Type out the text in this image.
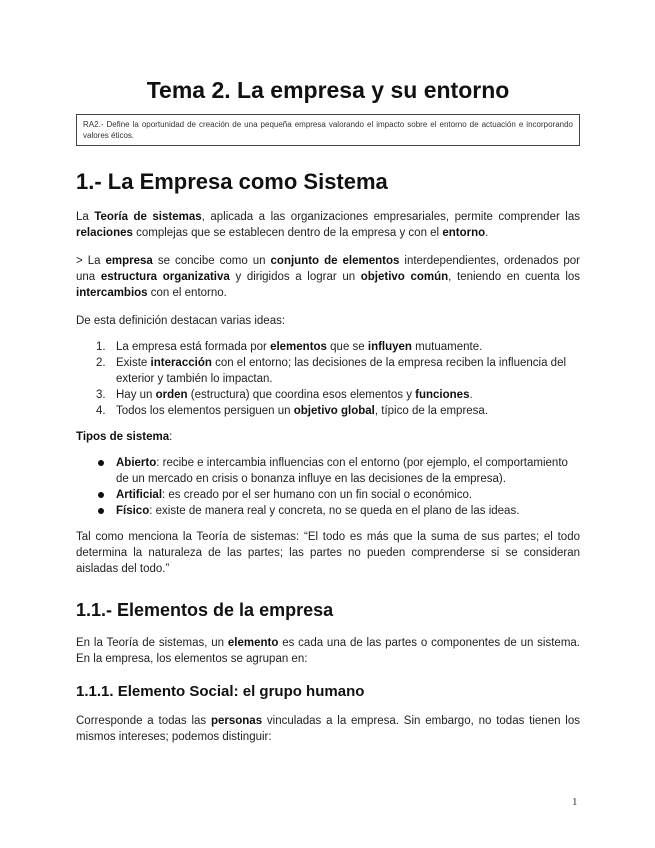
Tema 2. La empresa y su entorno
RA2.- Define la oportunidad de creación de una pequeña empresa valorando el impacto sobre el entorno de actuación e incorporando valores éticos.
1.- La Empresa como Sistema

La Teoría de sistemas, aplicada a las organizaciones empresariales, permite comprender las relaciones complejas que se establecen dentro de la empresa y con el entorno.

> La empresa se concibe como un conjunto de elementos interdependientes, ordenados por una estructura organizativa y dirigidos a lograr un objetivo común, teniendo en cuenta los intercambios con el entorno.

De esta definición destacan varias ideas:

1. La empresa está formada por elementos que se influyen mutuamente.
2. Existe interacción con el entorno; las decisiones de la empresa reciben la influencia del exterior y también lo impactan.
3. Hay un orden (estructura) que coordina esos elementos y funciones.
4. Todos los elementos persiguen un objetivo global, típico de la empresa.

Tipos de sistema:

Abierto: recibe e intercambia influencias con el entorno (por ejemplo, el comportamiento de un mercado en crisis o bonanza influye en las decisiones de la empresa).
Artificial: es creado por el ser humano con un fin social o económico.
Físico: existe de manera real y concreta, no se queda en el plano de las ideas.

Tal como menciona la Teoría de sistemas: “El todo es más que la suma de sus partes; el todo determina la naturaleza de las partes; las partes no pueden comprenderse si se consideran aisladas del todo.”

1.1.- Elementos de la empresa

En la Teoría de sistemas, un elemento es cada una de las partes o componentes de un sistema. En la empresa, los elementos se agrupan en:

1.1.1. Elemento Social: el grupo humano

Corresponde a todas las personas vinculadas a la empresa. Sin embargo, no todas tienen los mismos intereses; podemos distinguir:

1
